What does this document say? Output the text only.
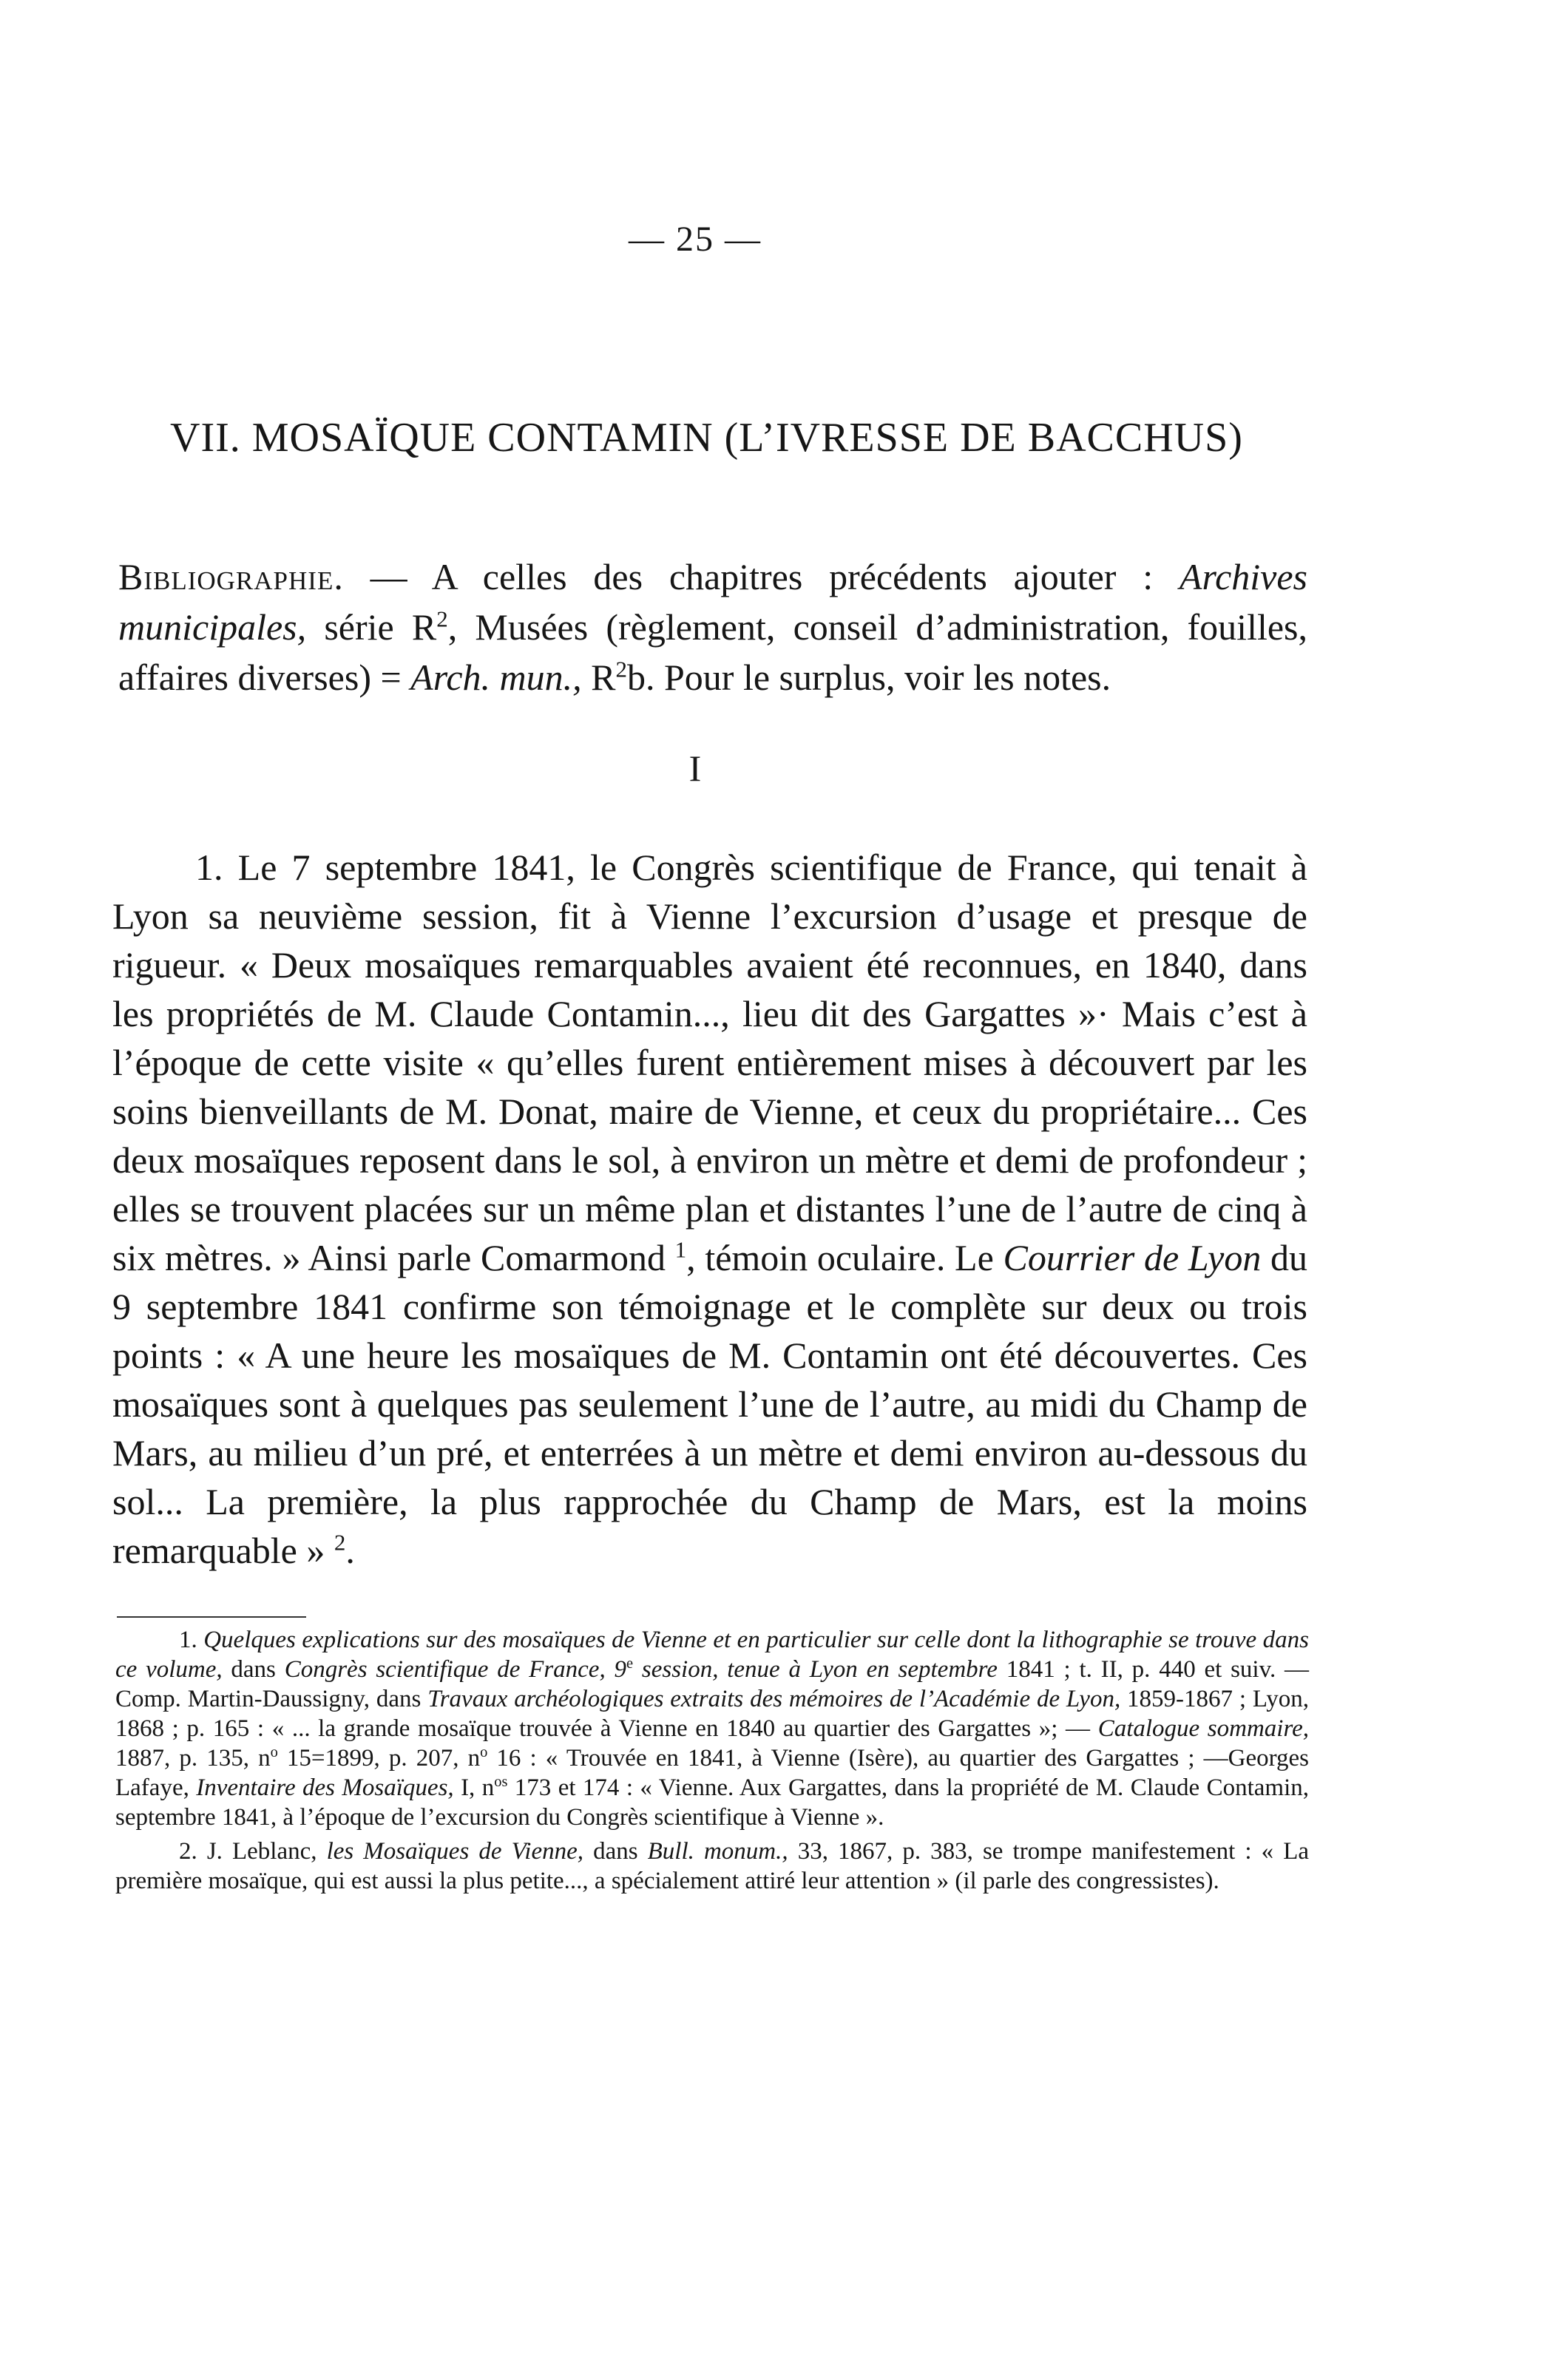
— 25 —
VII. MOSAÏQUE CONTAMIN (L’IVRESSE DE BACCHUS)

Bibliographie. — A celles des chapitres précédents ajouter : Archives municipales, série $R^2$, Musées (règlement, conseil d’administration, fouilles, affaires diverses) = Arch. mun., $R^2b$. Pour le surplus, voir les notes.

I

1. Le 7 septembre 1841, le Congrès scientifique de France, qui tenait à Lyon sa neuvième session, fit à Vienne l’excursion d’usage et presque de rigueur. « Deux mosaïques remarquables avaient été reconnues, en 1840, dans les propriétés de M. Claude Contamin..., lieu dit des Gargattes »· Mais c’est à l’époque de cette visite « qu’elles furent entièrement mises à découvert par les soins bienveillants de M. Donat, maire de Vienne, et ceux du propriétaire... Ces deux mosaïques reposent dans le sol, à environ un mètre et demi de profondeur ; elles se trouvent placées sur un même plan et distantes l’une de l’autre de cinq à six mètres. » Ainsi parle Comarmond $^1$, témoin oculaire. Le Courrier de Lyon du 9 septembre 1841 confirme son témoignage et le complète sur deux ou trois points : « A une heure les mosaïques de M. Contamin ont été découvertes. Ces mosaïques sont à quelques pas seulement l’une de l’autre, au midi du Champ de Mars, au milieu d’un pré, et enterrées à un mètre et demi environ au-dessous du sol... La première, la plus rapprochée du Champ de Mars, est la moins remarquable » $^2$.

1. Quelques explications sur des mosaïques de Vienne et en particulier sur celle dont la lithographie se trouve dans ce volume, dans Congrès scientifique de France, 9e session, tenue à Lyon en septembre 1841 ; t. II, p. 440 et suiv. — Comp. Martin-Daussigny, dans Travaux archéologiques extraits des mémoires de l’Académie de Lyon, 1859-1867 ; Lyon, 1868 ; p. 165 : « ... la grande mosaïque trouvée à Vienne en 1840 au quartier des Gargattes »; — Catalogue sommaire, 1887, p. 135, $n^o$ 15=1899, p. 207, $n^o$ 16 : « Trouvée en 1841, à Vienne (Isère), au quartier des Gargattes ; —Georges Lafaye, Inventaire des Mosaïques, I, $n^{os}$ 173 et 174 : « Vienne. Aux Gargattes, dans la propriété de M. Claude Contamin, septembre 1841, à l’époque de l’excursion du Congrès scientifique à Vienne ».

2. J. Leblanc, les Mosaïques de Vienne, dans Bull. monum., 33, 1867, p. 383, se trompe manifestement : « La première mosaïque, qui est aussi la plus petite..., a spécialement attiré leur attention » (il parle des congressistes).
